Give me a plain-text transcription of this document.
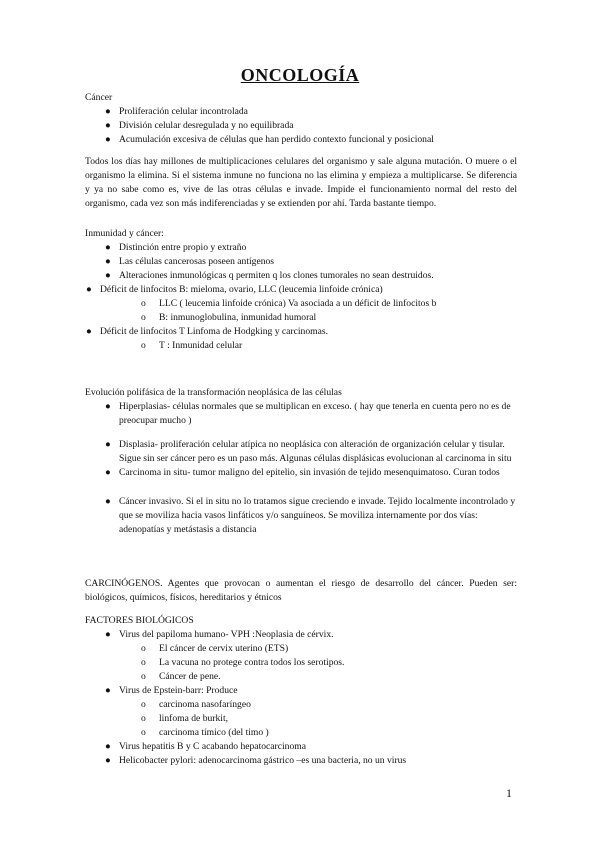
ONCOLOGÍA

Cáncer

● Proliferación celular incontrolada
● División celular desregulada y no equilibrada
● Acumulación excesiva de células que han perdido contexto funcional y posicional

Todos los días hay millones de multiplicaciones celulares del organismo y sale alguna mutación. O muere o el organismo la elimina. Si el sistema inmune no funciona no las elimina y empieza a multiplicarse. Se diferencia y ya no sabe como es, vive de las otras células e invade. Impide el funcionamiento normal del resto del organismo, cada vez son más indiferenciadas y se extienden por ahí. Tarda bastante tiempo.

Inmunidad y cáncer:

● Distinción entre propio y extraño
● Las células cancerosas poseen antígenos
● Alteraciones inmunológicas q permiten q los clones tumorales no sean destruidos.
● Déficit de linfocitos B: mieloma, ovario, LLC (leucemia linfoide crónica)
o LLC ( leucemia linfoide crónica) Va asociada a un déficit de linfocitos b
o B: inmunoglobulina, inmunidad humoral
● Déficit de linfocitos T Linfoma de Hodgking y carcinomas.
o T : Inmunidad celular

Evolución polifásica de la transformación neoplásica de las células

● Hiperplasias- células normales que se multiplican en exceso. ( hay que tenerla en cuenta pero no es de preocupar mucho )
● Displasia- proliferación celular atípica no neoplásica con alteración de organización celular y tisular. Sigue sin ser cáncer pero es un paso más. Algunas células displásicas evolucionan al carcinoma in situ
● Carcinoma in situ- tumor maligno del epitelio, sin invasión de tejido mesenquimatoso. Curan todos
● Cáncer invasivo. Si el in situ no lo tratamos sigue creciendo e invade. Tejido localmente incontrolado y que se moviliza hacia vasos linfáticos y/o sanguíneos. Se moviliza internamente por dos vías: adenopatías y metástasis a distancia

CARCINÓGENOS. Agentes que provocan o aumentan el riesgo de desarrollo del cáncer. Pueden ser: biológicos, químicos, físicos, hereditarios y étnicos

FACTORES BIOLÓGICOS

● Virus del papiloma humano- VPH :Neoplasia de cérvix.
o El cáncer de cervix uterino (ETS)
o La vacuna no protege contra todos los serotipos.
o Cáncer de pene.
● Virus de Epstein-barr: Produce
o carcinoma nasofaríngeo
o linfoma de burkit,
o carcinoma tímico (del timo )
● Virus hepatitis B y C acabando hepatocarcinoma
● Helicobacter pylori: adenocarcinoma gástrico –es una bacteria, no un virus
1
